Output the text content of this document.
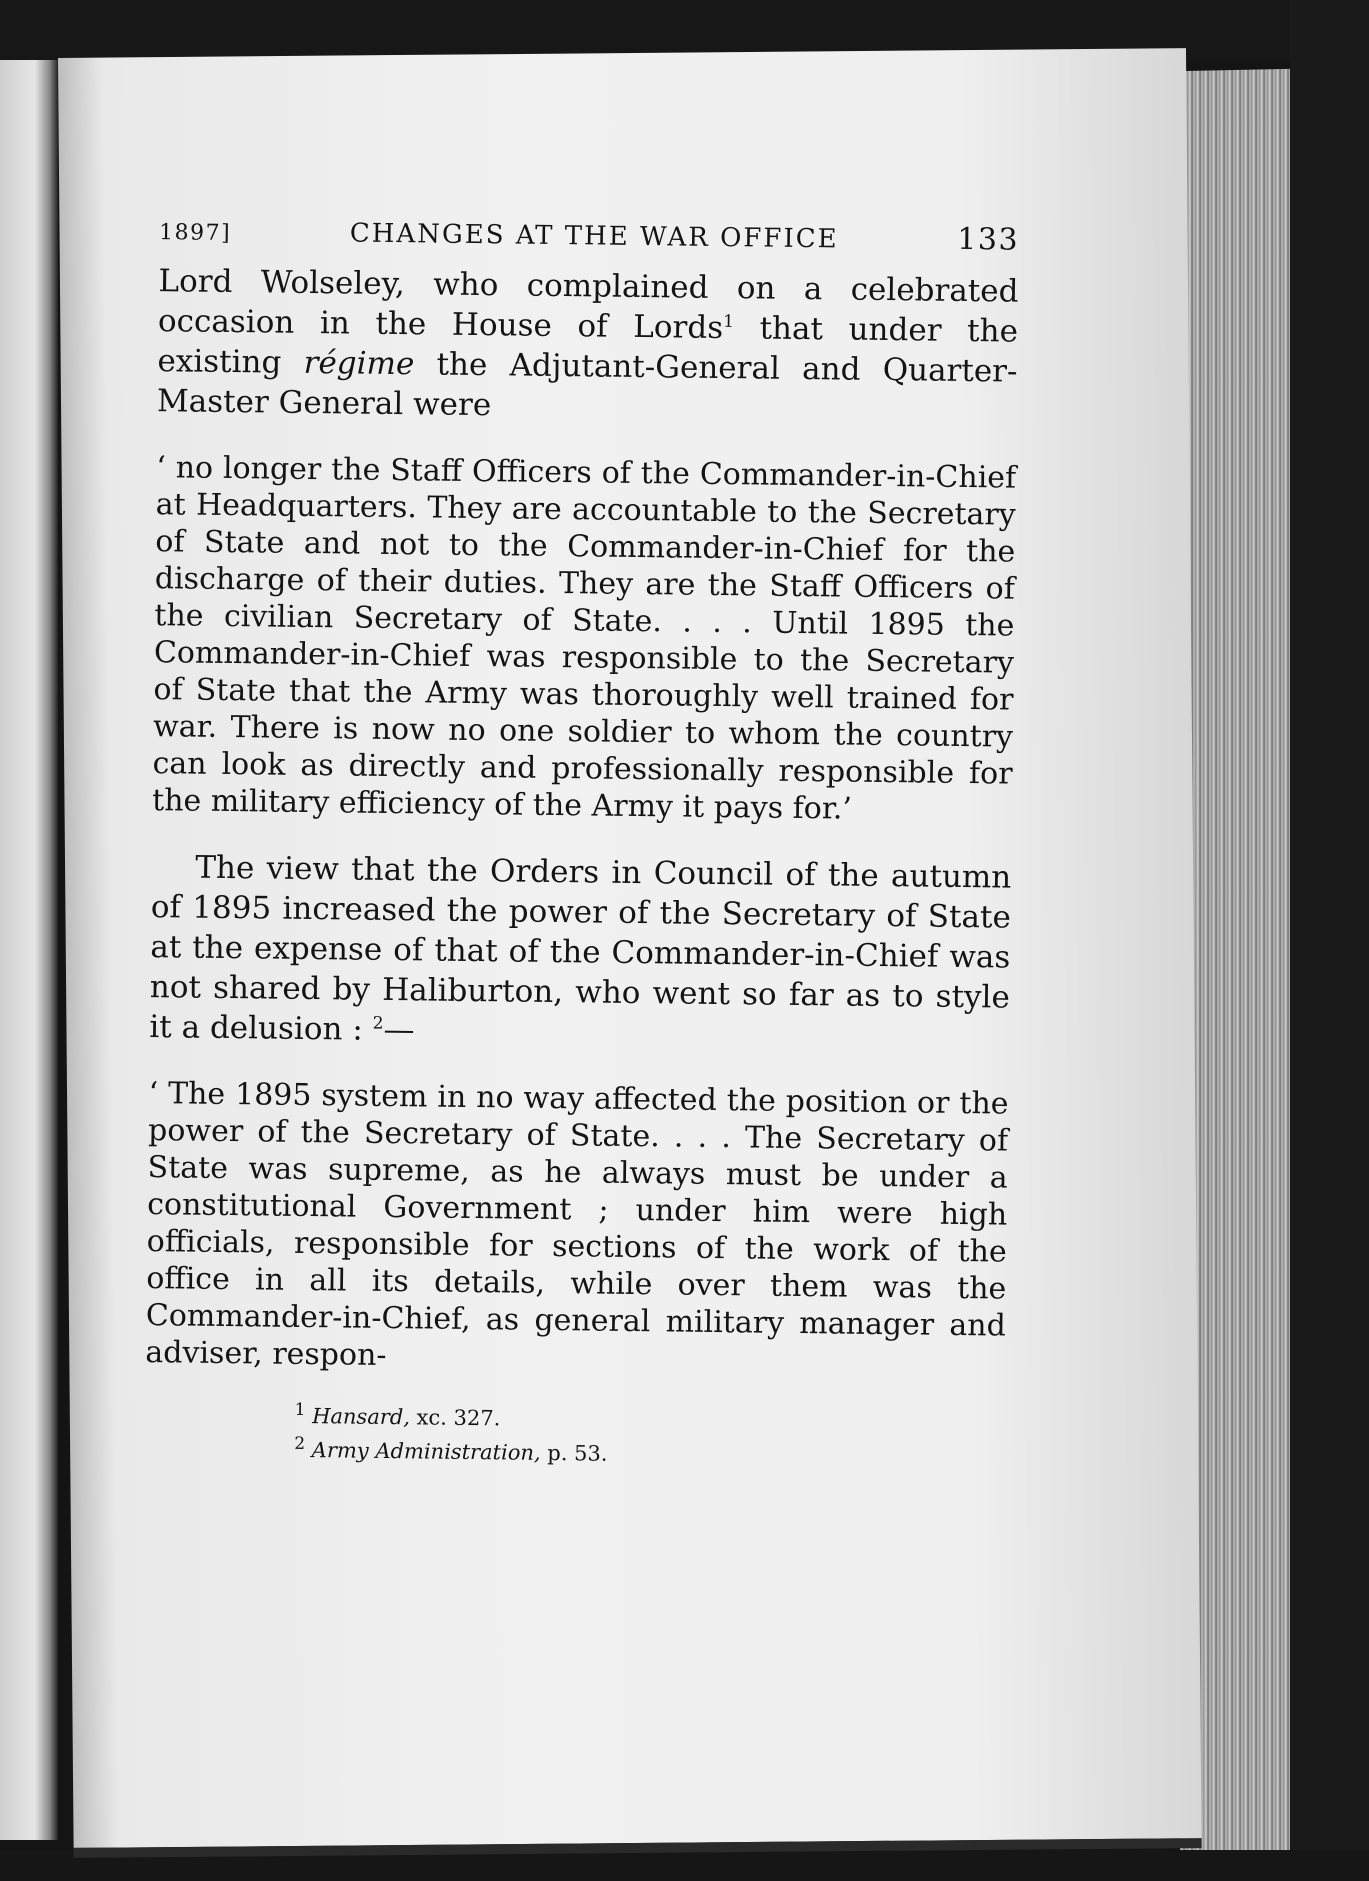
1897]	CHANGES AT THE WAR OFFICE	133

Lord Wolseley, who complained on a celebrated occasion in the House of Lords$^1$ that under the existing régime the Adjutant-General and Quarter-Master General were

‘ no longer the Staff Officers of the Commander-in-Chief at Headquarters. They are accountable to the Secretary of State and not to the Commander-in-Chief for the discharge of their duties. They are the Staff Officers of the civilian Secretary of State. . . . Until 1895 the Commander-in-Chief was responsible to the Secretary of State that the Army was thoroughly well trained for war. There is now no one soldier to whom the country can look as directly and professionally responsible for the military efficiency of the Army it pays for.’

The view that the Orders in Council of the autumn of 1895 increased the power of the Secretary of State at the expense of that of the Commander-in-Chief was not shared by Haliburton, who went so far as to style it a delusion : $^2$—

‘ The 1895 system in no way affected the position or the power of the Secretary of State. . . . The Secretary of State was supreme, as he always must be under a constitutional Government ; under him were high officials, responsible for sections of the work of the office in all its details, while over them was the Commander-in-Chief, as general military manager and adviser, respon-
$^1$ Hansard, xc. 327.
$^2$ Army Administration, p. 53.
